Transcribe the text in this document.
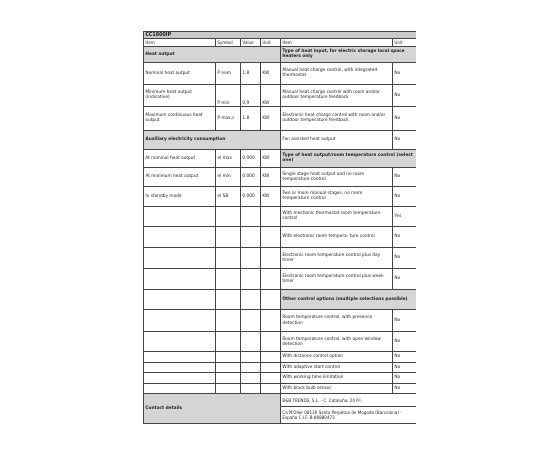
CC1800IP					
Item	Symbol	Value	Unit	Item	Unit
Heat output				Type of heat input, for electric storage local space heaters only	
Nominal heat output	P nom	1.8	KW	Manual heat charge control, with integrated thermostat	No
Minimum heat output (indicative)	P min	0,9	KW	Manual heat charge control with room and/or outdoor temperature feedback	No
Maximum continuous heat output	P max,c	1.8	KW	Electronic heat charge control with room and/or outdoor temperature feedback	No
Auxiliary electricity consumption				Fan assisted heat output	No
At nominal heat output	el max	0.000	KW	Type of heat output/room temperature control (select one)	
At minimum heat output	el min	0.000	KW	Single stage heat output and no room temperature control	No
In standby mode	el SB	0.000	KW	Two or more manual stages, no room temperature control	No
				With mechanic thermostat room temperature control	Yes
				With electronic room tempera- ture control	No
				Electronic room temperature control plus day timer	No
				Electronic room temperature control plus week timer	No
				Other control options (multiple selections possible)	
				Room temperature control, with presence detection	No
				Room temperature control, with open window detection	No
				With distance control option	No
				With adaptive start control	No
				With working time limitation	No
				With black bulb sensor	No
Contact details				B&B TRENDS, S.L. - C. Cataluña, 24 P.I.	
				Ca N'Oller 08130 Santa Perpètua de Mogoda (Barcelona) - España C.I.F. B-86880473	
